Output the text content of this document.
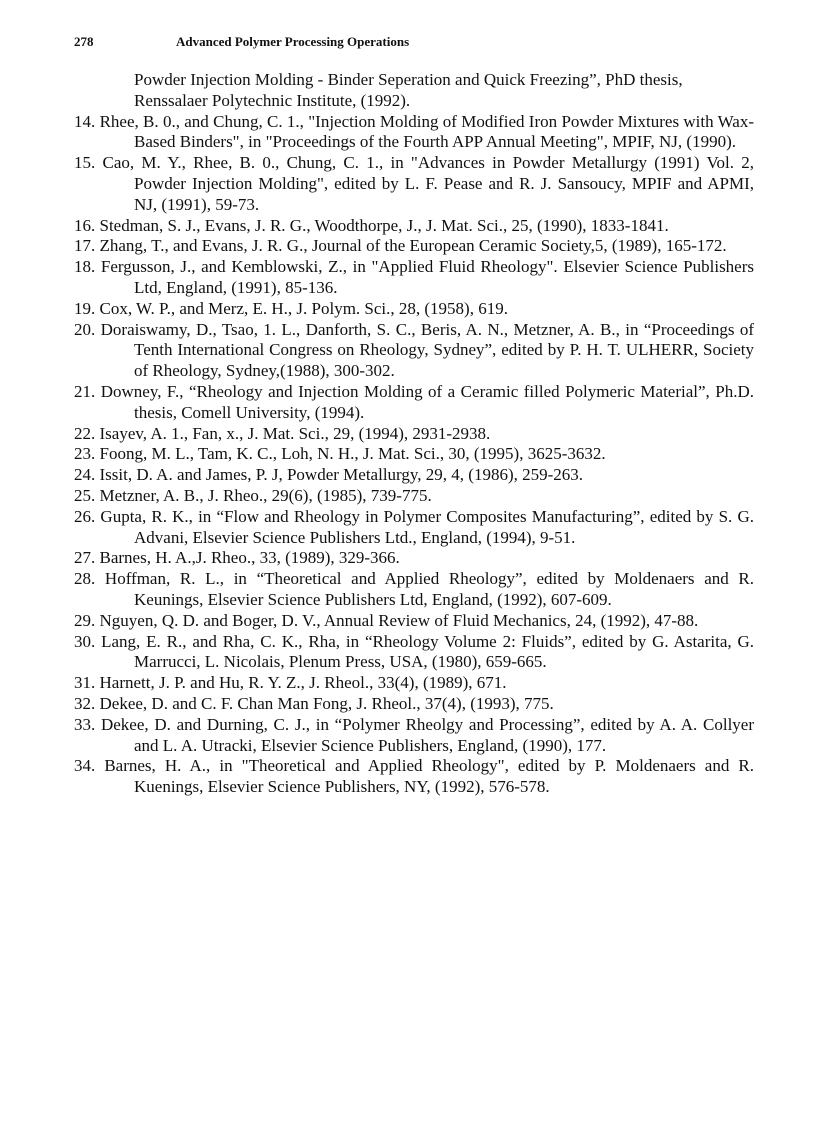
278	Advanced Polymer Processing Operations
Powder Injection Molding - Binder Seperation and Quick Freezing”, PhD thesis, Renssalaer Polytechnic Institute, (1992).
14. Rhee, B. 0., and Chung, C. 1., "Injection Molding of Modified Iron Powder Mixtures with Wax-Based Binders", in "Proceedings of the Fourth APP Annual Meeting", MPIF, NJ, (1990).
15. Cao, M. Y., Rhee, B. 0., Chung, C. 1., in "Advances in Powder Metallurgy (1991) Vol. 2, Powder Injection Molding", edited by L. F. Pease and R. J. Sansoucy, MPIF and APMI, NJ, (1991), 59-73.
16. Stedman, S. J., Evans, J. R. G., Woodthorpe, J., J. Mat. Sci., 25, (1990), 1833-1841.
17. Zhang, T., and Evans, J. R. G., Journal of the European Ceramic Society,5, (1989), 165-172.
18. Fergusson, J., and Kemblowski, Z., in "Applied Fluid Rheology". Elsevier Science Publishers Ltd, England, (1991), 85-136.
19. Cox, W. P., and Merz, E. H., J. Polym. Sci., 28, (1958), 619.
20. Doraiswamy, D., Tsao, 1. L., Danforth, S. C., Beris, A. N., Metzner, A. B., in “Proceedings of Tenth International Congress on Rheology, Sydney”, edited by P. H. T. ULHERR, Society of Rheology, Sydney,(1988), 300-302.
21. Downey, F., “Rheology and Injection Molding of a Ceramic filled Polymeric Material”, Ph.D. thesis, Comell University, (1994).
22. Isayev, A. 1., Fan, x., J. Mat. Sci., 29, (1994), 2931-2938.
23. Foong, M. L., Tam, K. C., Loh, N. H., J. Mat. Sci., 30, (1995), 3625-3632.
24. Issit, D. A. and James, P. J, Powder Metallurgy, 29, 4, (1986), 259-263.
25. Metzner, A. B., J. Rheo., 29(6), (1985), 739-775.
26. Gupta, R. K., in “Flow and Rheology in Polymer Composites Manufacturing”, edited by S. G. Advani, Elsevier Science Publishers Ltd., England, (1994), 9-51.
27. Barnes, H. A.,J. Rheo., 33, (1989), 329-366.
28. Hoffman, R. L., in “Theoretical and Applied Rheology”, edited by Moldenaers and R. Keunings, Elsevier Science Publishers Ltd, England, (1992), 607-609.
29. Nguyen, Q. D. and Boger, D. V., Annual Review of Fluid Mechanics, 24, (1992), 47-88.
30. Lang, E. R., and Rha, C. K., Rha, in “Rheology Volume 2: Fluids”, edited by G. Astarita, G. Marrucci, L. Nicolais, Plenum Press, USA, (1980), 659-665.
31. Harnett, J. P. and Hu, R. Y. Z., J. Rheol., 33(4), (1989), 671.
32. Dekee, D. and C. F. Chan Man Fong, J. Rheol., 37(4), (1993), 775.
33. Dekee, D. and Durning, C. J., in “Polymer Rheolgy and Processing”, edited by A. A. Collyer and L. A. Utracki, Elsevier Science Publishers, England, (1990), 177.
34. Barnes, H. A., in "Theoretical and Applied Rheology", edited by P. Moldenaers and R. Kuenings, Elsevier Science Publishers, NY, (1992), 576-578.
